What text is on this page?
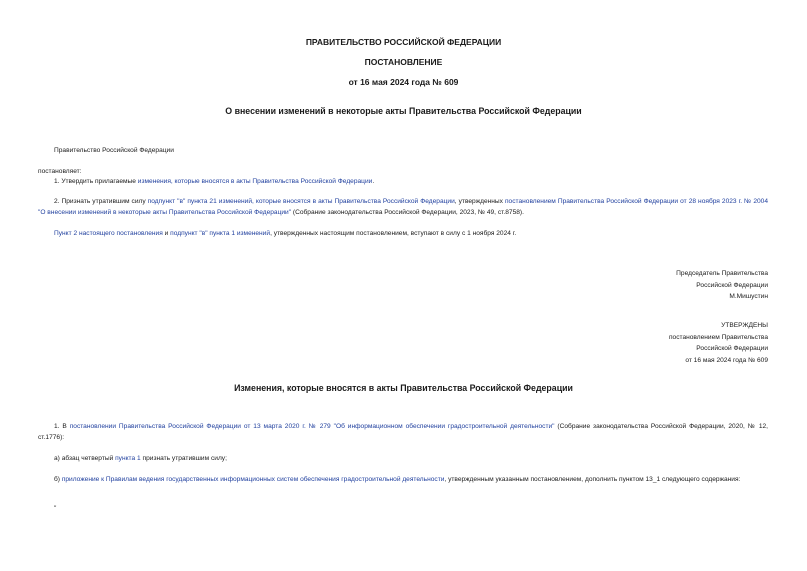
ПРАВИТЕЛЬСТВО РОССИЙСКОЙ ФЕДЕРАЦИИ
ПОСТАНОВЛЕНИЕ
от 16 мая 2024 года № 609
О внесении изменений в некоторые акты Правительства Российской Федерации
Правительство Российской Федерации
постановляет:
1. Утвердить прилагаемые изменения, которые вносятся в акты Правительства Российской Федерации.
2. Признать утратившим силу подпункт "в" пункта 21 изменений, которые вносятся в акты Правительства Российской Федерации, утвержденных постановлением Правительства Российской Федерации от 28 ноября 2023 г. № 2004 "О внесении изменений в некоторые акты Правительства Российской Федерации" (Собрание законодательства Российской Федерации, 2023, № 49, ст.8758).
Пункт 2 настоящего постановления и подпункт "в" пункта 1 изменений, утвержденных настоящим постановлением, вступают в силу с 1 ноября 2024 г.
Председатель Правительства
Российской Федерации
М.Мишустин
УТВЕРЖДЕНЫ
постановлением Правительства
Российской Федерации
от 16 мая 2024 года № 609
Изменения, которые вносятся в акты Правительства Российской Федерации
1. В постановлении Правительства Российской Федерации от 13 марта 2020 г. № 279 "Об информационном обеспечении градостроительной деятельности" (Собрание законодательства Российской Федерации, 2020, № 12, ст.1776):
а) абзац четвертый пункта 1 признать утратившим силу;
б) приложение к Правилам ведения государственных информационных систем обеспечения градостроительной деятельности, утвержденным указанным постановлением, дополнить пунктом 13_1 следующего содержания:
"
